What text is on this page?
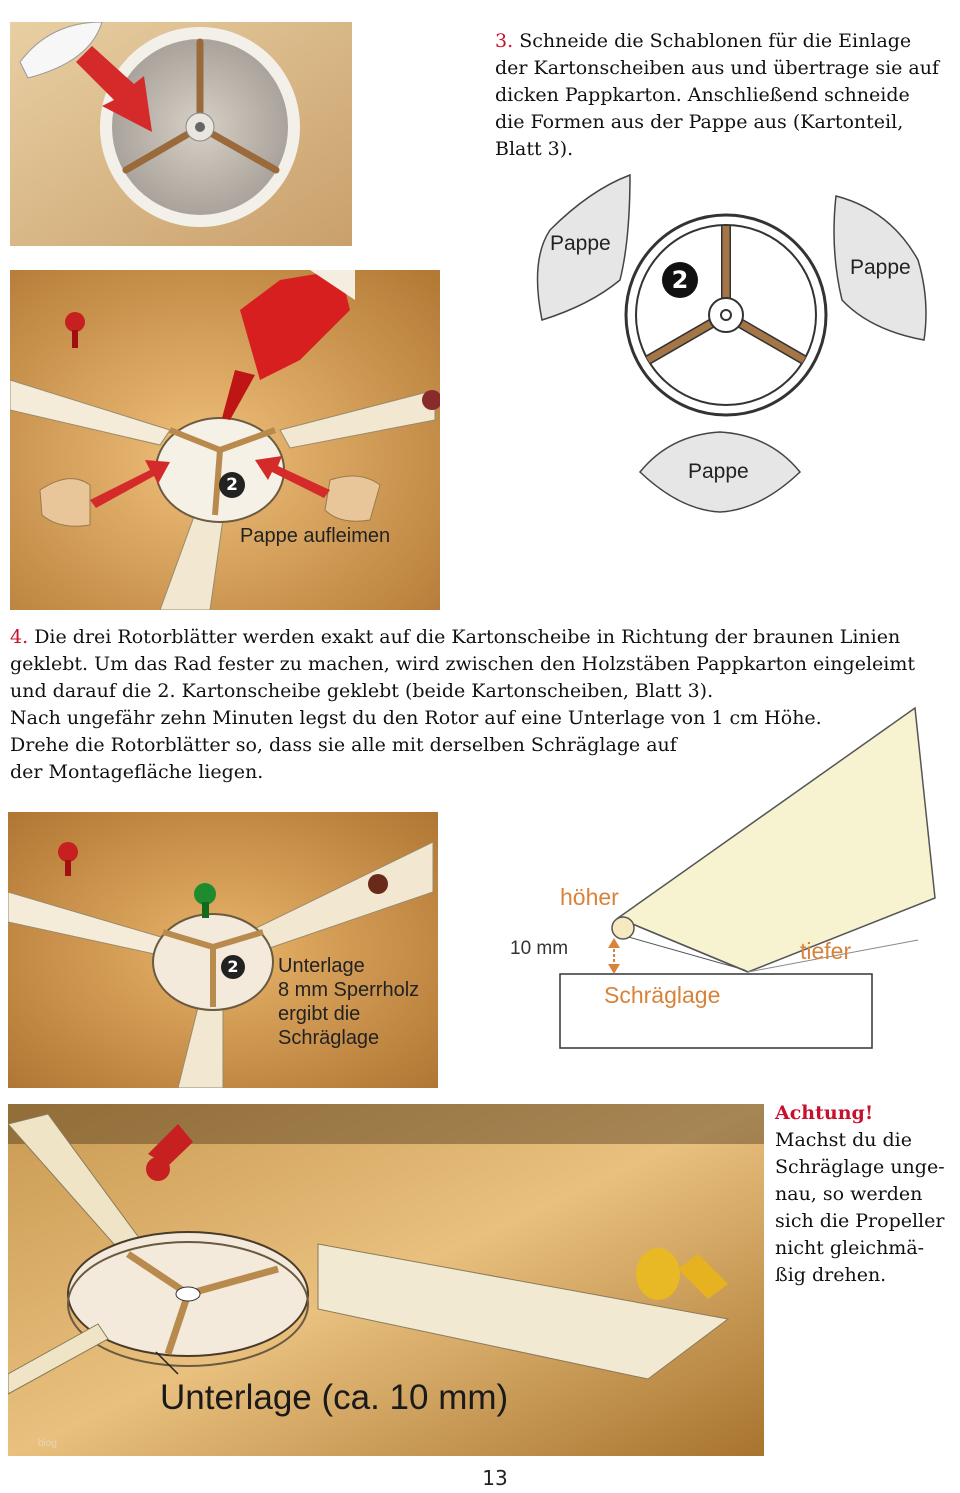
3. Schneide die Schablonen für die Einlage
der Kartonscheiben aus und übertrage sie auf
dicken Pappkarton. Anschließend schneide
die Formen aus der Pappe aus (Kartonteil,
Blatt 3).
2
Pappe
Pappe
Pappe
2
Pappe aufleimen
4. Die drei Rotorblätter werden exakt auf die Kartonscheibe in Richtung der braunen Linien
geklebt. Um das Rad fester zu machen, wird zwischen den Holzstäben Pappkarton eingeleimt
und darauf die 2. Kartonscheibe geklebt (beide Kartonscheiben, Blatt 3).
Nach ungefähr zehn Minuten legst du den Rotor auf eine Unterlage von 1 cm Höhe.
Drehe die Rotorblätter so, dass sie alle mit derselben Schräglage auf
der Montagefläche liegen.
2	Unterlage
8 mm Sperrholz
ergibt die
Schräglage
höher
tiefer
10 mm
Schräglage
Unterlage (ca. 10 mm)
blog
Achtung!
Machst du die
Schräglage unge-
nau, so werden
sich die Propeller
nicht gleichmä-
ßig drehen.
13
